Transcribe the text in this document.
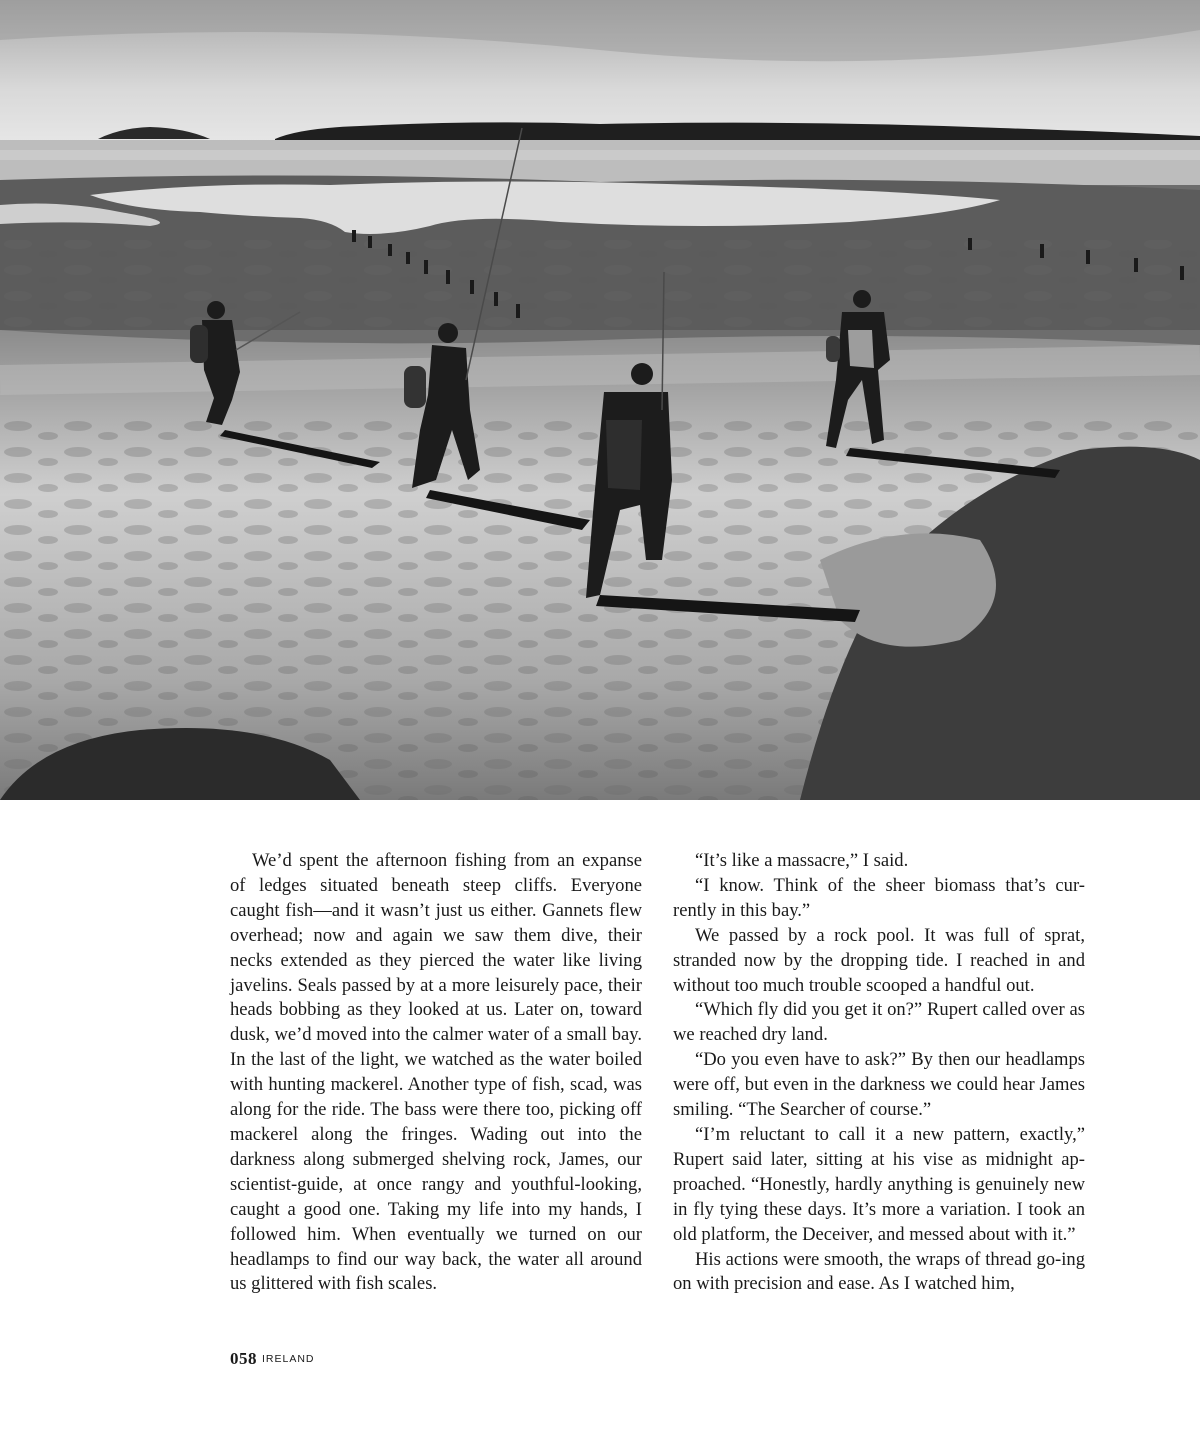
We’d spent the afternoon fishing from an expanse of ledges situated beneath steep cliffs. Everyone caught fish—and it wasn’t just us either. Gannets flew overhead; now and again we saw them dive, their necks extended as they pierced the water like living javelins. Seals passed by at a more leisurely pace, their heads bobbing as they looked at us. Later on, toward dusk, we’d moved into the calmer water of a small bay. In the last of the light, we watched as the water boiled with hunting mackerel. Another type of fish, scad, was along for the ride. The bass were there too, picking off mackerel along the fringes. Wading out into the darkness along submerged shelving rock, James, our scientist-guide, at once rangy and youthful-looking, caught a good one. Taking my life into my hands, I followed him. When eventually we turned on our headlamps to find our way back, the water all around us glittered with fish scales.

“It’s like a massacre,” I said.

“I know. Think of the sheer biomass that’s cur-rently in this bay.”

We passed by a rock pool. It was full of sprat, stranded now by the dropping tide. I reached in and without too much trouble scooped a handful out.

“Which fly did you get it on?” Rupert called over as we reached dry land.

“Do you even have to ask?” By then our headlamps were off, but even in the darkness we could hear James smiling. “The Searcher of course.”

“I’m reluctant to call it a new pattern, exactly,” Rupert said later, sitting at his vise as midnight ap-proached. “Honestly, hardly anything is genuinely new in fly tying these days. It’s more a variation. I took an old platform, the Deceiver, and messed about with it.”

His actions were smooth, the wraps of thread go-ing on with precision and ease. As I watched him,

058 IRELAND
